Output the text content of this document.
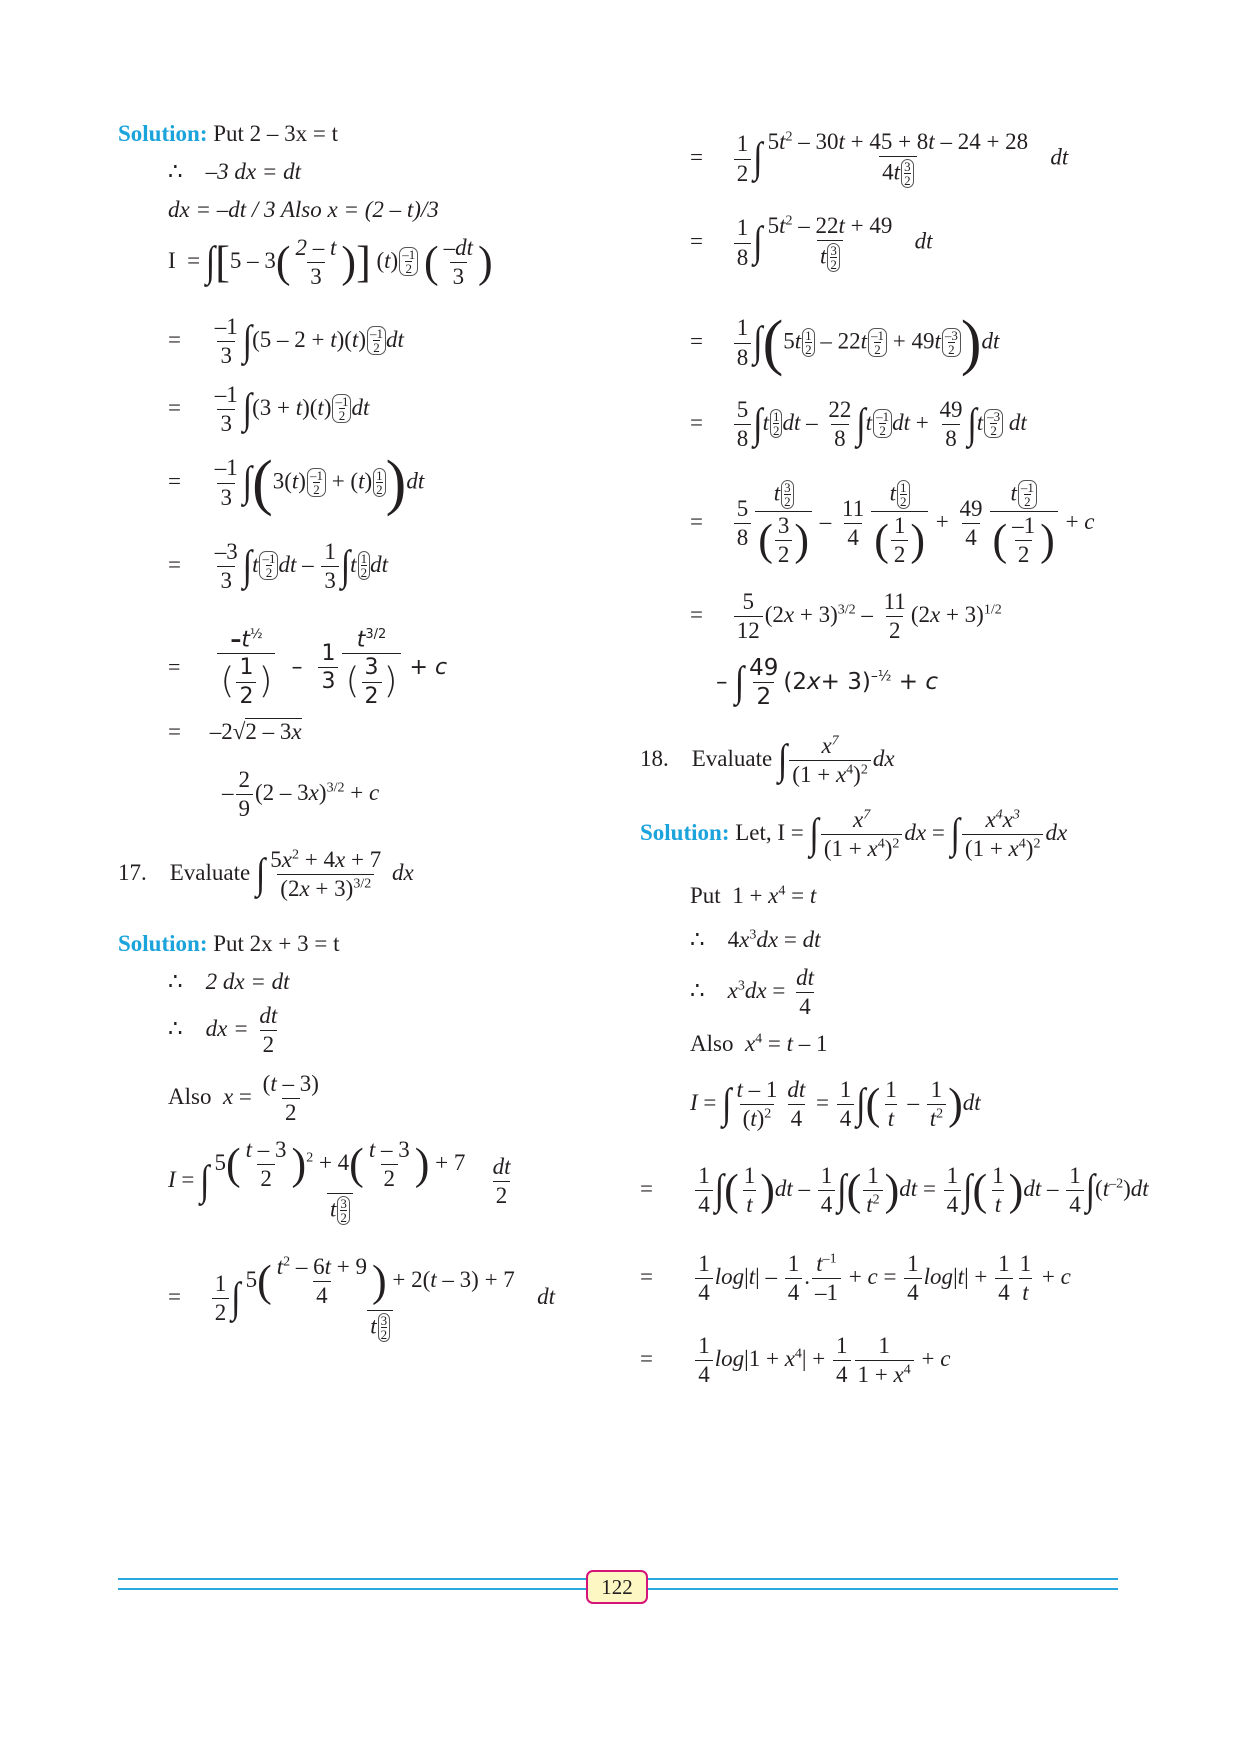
Solution: Put 2 – 3x = t
∴ –3 dx = dt
dx = –dt / 3 Also x = (2 – t)/3
$I = \int[5 - 3( \frac{2 - t}{3}$ )] $(t) \frac{-1}{2}$ ( $\frac{-dt}{3}$ )
= $\frac{-1}{3} \int(5 - 2 + t)(t) \frac{-1}{2}$ dt
= $\frac{-1}{3} \int(3 + t)(t) \frac{-1}{2}$ dt
= $\frac{-1}{3} \int(3(t) \frac{-1}{2} + (t) \frac{1}{2} )dt$
= $\frac{-3}{3} \int t \frac{-1}{2}$ dt – $\frac{1}{3} \int t \frac{1}{2}$ dt
= $\frac{-t^{\frac{1}{2}}}{( \frac{1}{2} )} - \frac{1}{3} \frac{t^{3/2}}{( \frac{3}{2} )} + c$
=     –2√2 – 3x
– $\frac{2}{9} (2 - 3x)^{3/2} + c$
17. Evaluate ∫ $\frac{5x^2 + 4x + 7}{(2x + 3)^{3/2}}$ dx
Solution: Put 2x + 3 = t
∴ 2 dx = dt
∴ dx = $\frac{dt}{2}$
Also $x = \frac{(t - 3)}{2}$
I = ∫ $\frac{5( \frac{t - 3}{2} )^2 + 4( \frac{t - 3}{2} ) + 7}{t \frac{3}{2}}$
$\frac{dt}{2}$
= $\frac{1}{2}$ ∫ $\frac{5( \frac{t^2 - 6t + 9}{4} ) + 2(t - 3) + 7}{t \frac{3}{2}}$ dt
= $\frac{1}{2}$ ∫ $\frac{5t^2 - 30t + 45 + 8t - 24 + 28}{4t \frac{3}{2}}$ dt
= $\frac{1}{8}$ ∫ $\frac{5t^2 - 22t + 49}{t \frac{3}{2}}$ dt
= $\frac{1}{8} \int(5t \frac{1}{2} - 22t \frac{-1}{2} + 49t \frac{-3}{2} )dt$
= $\frac{5}{8} \int t \frac{1}{2}$ dt – $\frac{22}{8} \int t \frac{-1}{2}$ dt + $\frac{49}{8} \int t \frac{-3}{2}$ dt
= $\frac{5}{8} \frac{t \frac{3}{2}}{( \frac{3}{2} )} - \frac{11}{4} \frac{t \frac{1}{2}}{( \frac{1}{2} )} + \frac{49}{4} \frac{t \frac{-1}{2}}{( \frac{-1}{2} )} + c$
= $\frac{5}{12} (2x + 3)^{3/2} - \frac{11}{2} (2x + 3)^{1/2}$
– ∫ $\frac{49}{2} (2x+ 3)^{-\frac{1}{2}} + c$
18. Evaluate ∫ $\frac{x^7}{(1 + x^4)^2}$ dx
Solution: Let, I = ∫ $\frac{x^7}{(1 + x^4)^2}$ dx = ∫ $\frac{x^4x^3}{(1 + x^4)^2}$ dx
Put  $1 + x^4 = t$
∴    $4x^3dx$ = dt
∴ $x^3dx = \frac{dt}{4}$
Also $x^4 = t - 1$
I = ∫ $\frac{t - 1}{(t)^2} \frac{dt}{4} = \frac{1}{4}$ ∫( $\frac{1}{t} - \frac{1}{t^2} )dt$
= $\frac{1}{4}$ ∫( $\frac{1}{t} )dt - \frac{1}{4}$ ∫( $\frac{1}{t^2} )dt = \frac{1}{4}$ ∫( $\frac{1}{t} )dt - \frac{1}{4} \int(t^{-2})dt$
= $\frac{1}{4} \log|t| - \frac{1}{4}$ . $\frac{t^{-1}}{-1} + c = \frac{1}{4} \log|t| + \frac{1}{4} \frac{1}{t} + c$
= $\frac{1}{4} \log|1 + x^4| + \frac{1}{4} \frac{1}{1 + x^4} + c$
122
